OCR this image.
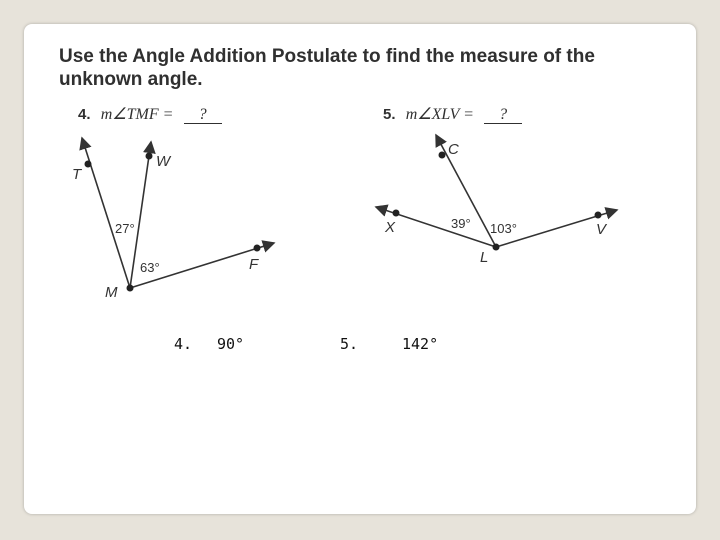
Use the Angle Addition Postulate to find the measure of the unknown angle.
4. m∠TMF = ?	5. m∠XLV = ?
T
W
M
F
27°
63°
C
X
L
V
39° 103°
4. 90°	5.	142°
